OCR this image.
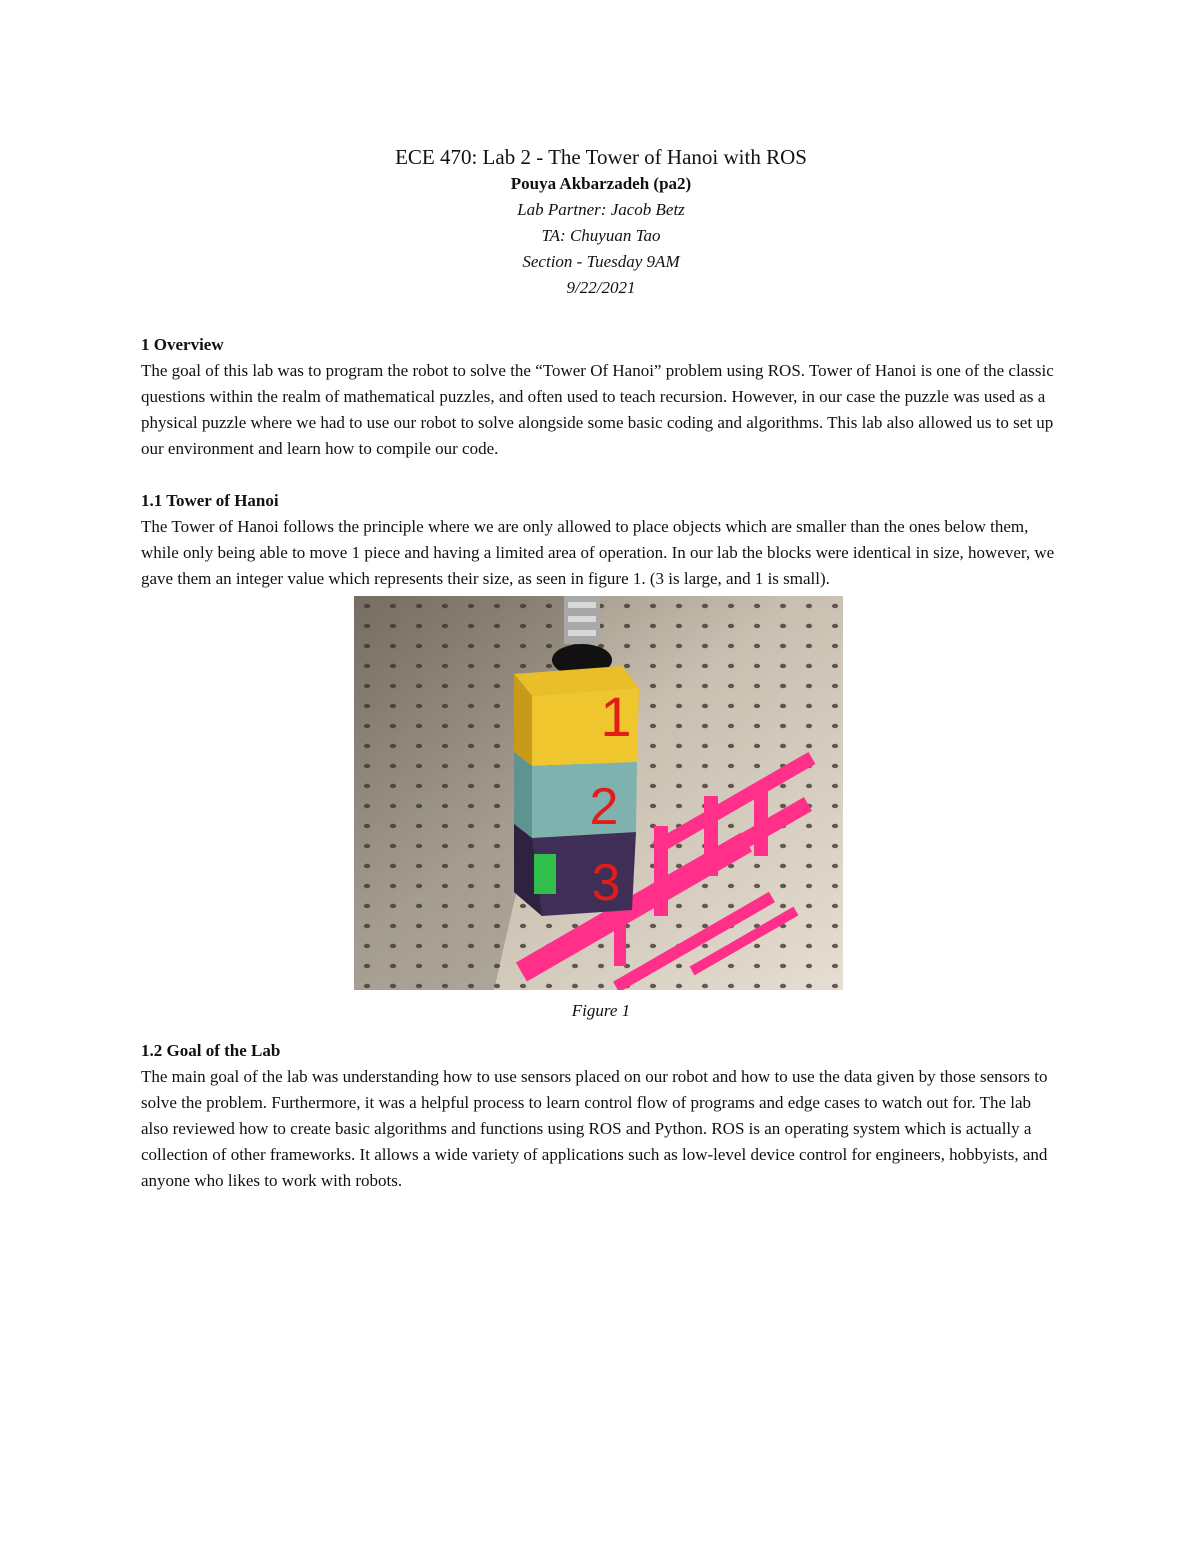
ECE 470: Lab 2 - The Tower of Hanoi with ROS

Pouya Akbarzadeh (pa2)

Lab Partner: Jacob Betz

TA: Chuyuan Tao

Section - Tuesday 9AM

9/22/2021

1 Overview

The goal of this lab was to program the robot to solve the “Tower Of Hanoi” problem using ROS. Tower of Hanoi is one of the classic questions within the realm of mathematical puzzles, and often used to teach recursion. However, in our case the puzzle was used as a physical puzzle where we had to use our robot to solve alongside some basic coding and algorithms. This lab also allowed us to set up our environment and learn how to compile our code.

1.1 Tower of Hanoi

The Tower of Hanoi follows the principle where we are only allowed to place objects which are smaller than the ones below them, while only being able to move 1 piece and having a limited area of operation. In our lab the blocks were identical in size, however, we gave them an integer value which represents their size, as seen in figure 1. (3 is large, and 1 is small).

1
2
3
Figure 1
1.2 Goal of the Lab

The main goal of the lab was understanding how to use sensors placed on our robot and how to use the data given by those sensors to solve the problem. Furthermore, it was a helpful process to learn control flow of programs and edge cases to watch out for. The lab also reviewed how to create basic algorithms and functions using ROS and Python. ROS is an operating system which is actually a collection of other frameworks. It allows a wide variety of applications such as low-level device control for engineers, hobbyists, and anyone who likes to work with robots.
